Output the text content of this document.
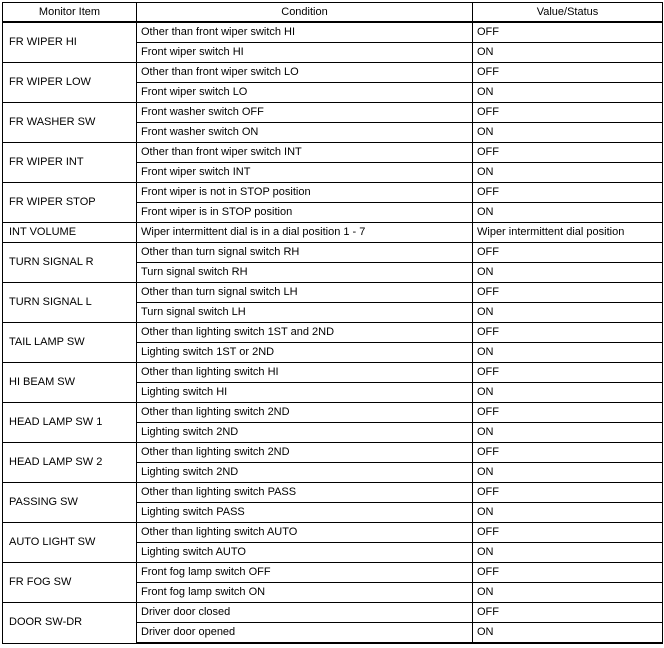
Monitor Item	Condition	Value/Status
FR WIPER HI	Other than front wiper switch HI	OFF
	Front wiper switch HI	ON
FR WIPER LOW	Other than front wiper switch LO	OFF
	Front wiper switch LO	ON
FR WASHER SW	Front washer switch OFF	OFF
	Front washer switch ON	ON
FR WIPER INT	Other than front wiper switch INT	OFF
	Front wiper switch INT	ON
FR WIPER STOP	Front wiper is not in STOP position	OFF
	Front wiper is in STOP position	ON
INT VOLUME	Wiper intermittent dial is in a dial position 1 - 7	Wiper intermittent dial position
TURN SIGNAL R	Other than turn signal switch RH	OFF
	Turn signal switch RH	ON
TURN SIGNAL L	Other than turn signal switch LH	OFF
	Turn signal switch LH	ON
TAIL LAMP SW	Other than lighting switch 1ST and 2ND	OFF
	Lighting switch 1ST or 2ND	ON
HI BEAM SW	Other than lighting switch HI	OFF
	Lighting switch HI	ON
HEAD LAMP SW 1	Other than lighting switch 2ND	OFF
	Lighting switch 2ND	ON
HEAD LAMP SW 2	Other than lighting switch 2ND	OFF
	Lighting switch 2ND	ON
PASSING SW	Other than lighting switch PASS	OFF
	Lighting switch PASS	ON
AUTO LIGHT SW	Other than lighting switch AUTO	OFF
	Lighting switch AUTO	ON
FR FOG SW	Front fog lamp switch OFF	OFF
	Front fog lamp switch ON	ON
DOOR SW-DR	Driver door closed	OFF
	Driver door opened	ON
